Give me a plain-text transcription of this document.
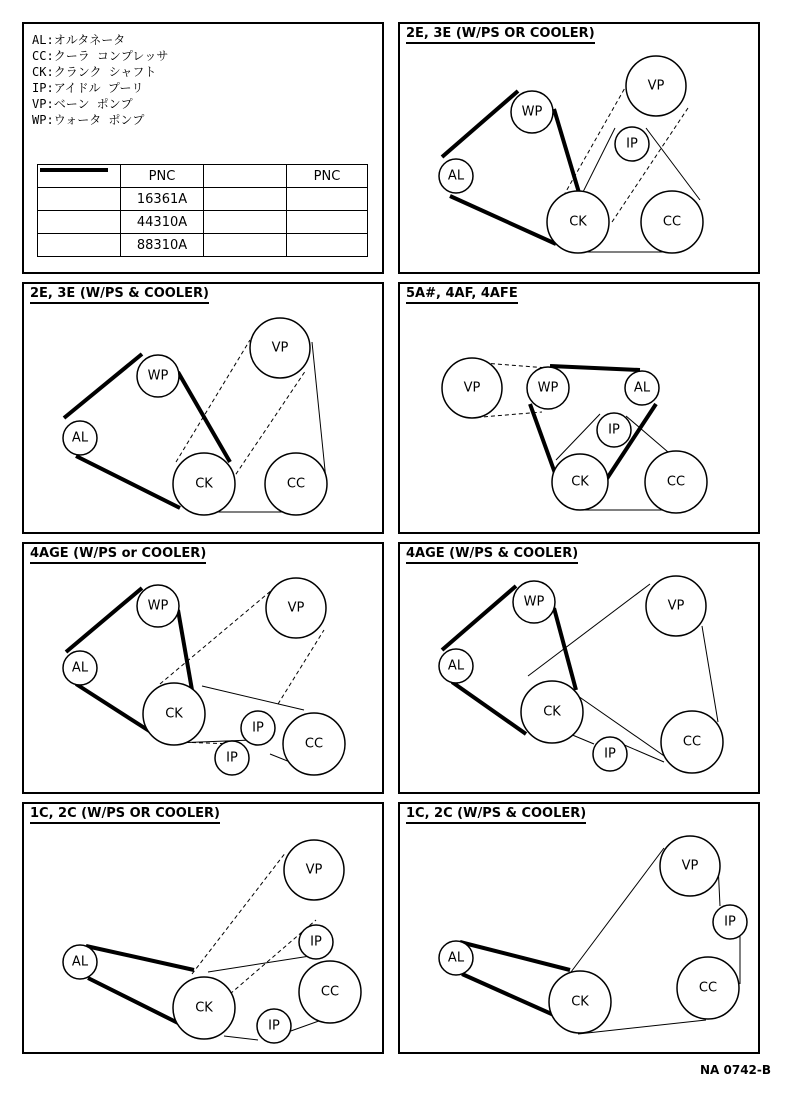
AL:オルタネータ
CC:クーラ コンプレッサ
CK:クランク シャフト
IP:アイドル プーリ
VP:ベーン ポンプ
WP:ウォータ ポンプ
	PNC		PNC

	16361A		

	44310A		

	88310A		
2E, 3E (W/PS OR COOLER)
AL
WP
VP
IP
CK	CC
2E, 3E (W/PS & COOLER)
AL
WP
VP
CK	CC
5A#, 4AF, 4AFE
VP	WP	AL
IP
CK	CC
4AGE (W/PS or COOLER)
AL
WP	VP
CK
IP
IP
CC
4AGE (W/PS & COOLER)
AL
WP	VP
CK
IP
CC
1C, 2C (W/PS OR COOLER)
AL
VP
IP
CK
CC
IP
1C, 2C (W/PS & COOLER)
AL
VP
IP
CK
CC
NA 0742-B
